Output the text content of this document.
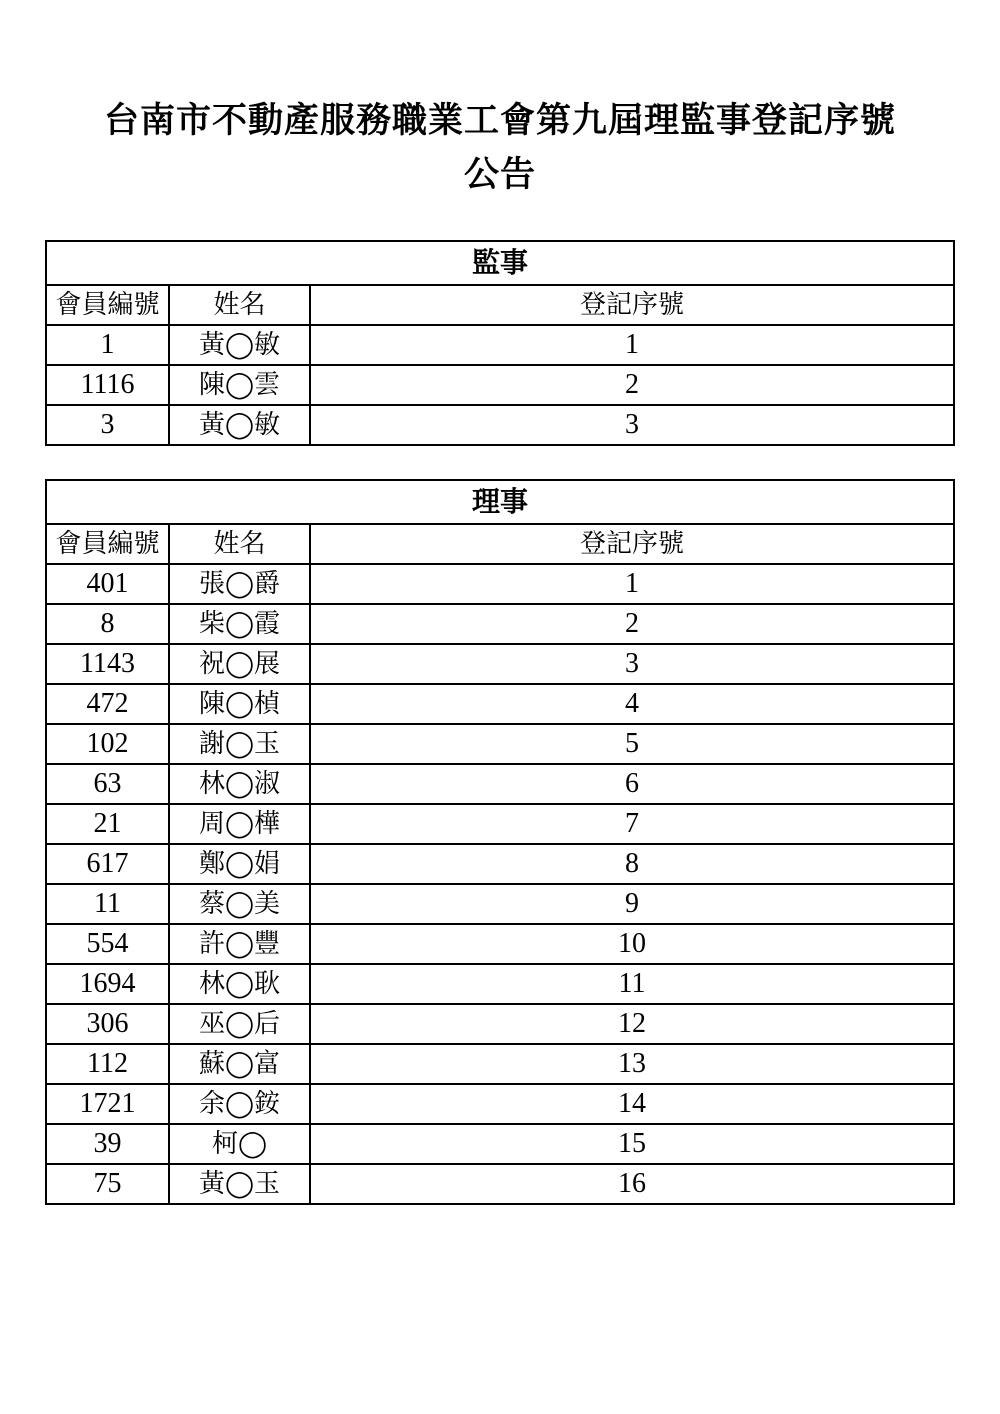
台南市不動產服務職業工會第九屆理監事登記序號
公告
監事		
會員編號	姓名	登記序號
1	黃◯敏	1
1116	陳◯雲	2
3	黃◯敏	3
理事		
會員編號	姓名	登記序號
401	張◯爵	1
8	柴◯霞	2
1143	祝◯展	3
472	陳◯楨	4
102	謝◯玉	5
63	林◯淑	6
21	周◯樺	7
617	鄭◯娟	8
11	蔡◯美	9
554	許◯豐	10
1694	林◯耿	11
306	巫◯后	12
112	蘇◯富	13
1721	余◯銨	14
39	柯◯	15
75	黃◯玉	16
